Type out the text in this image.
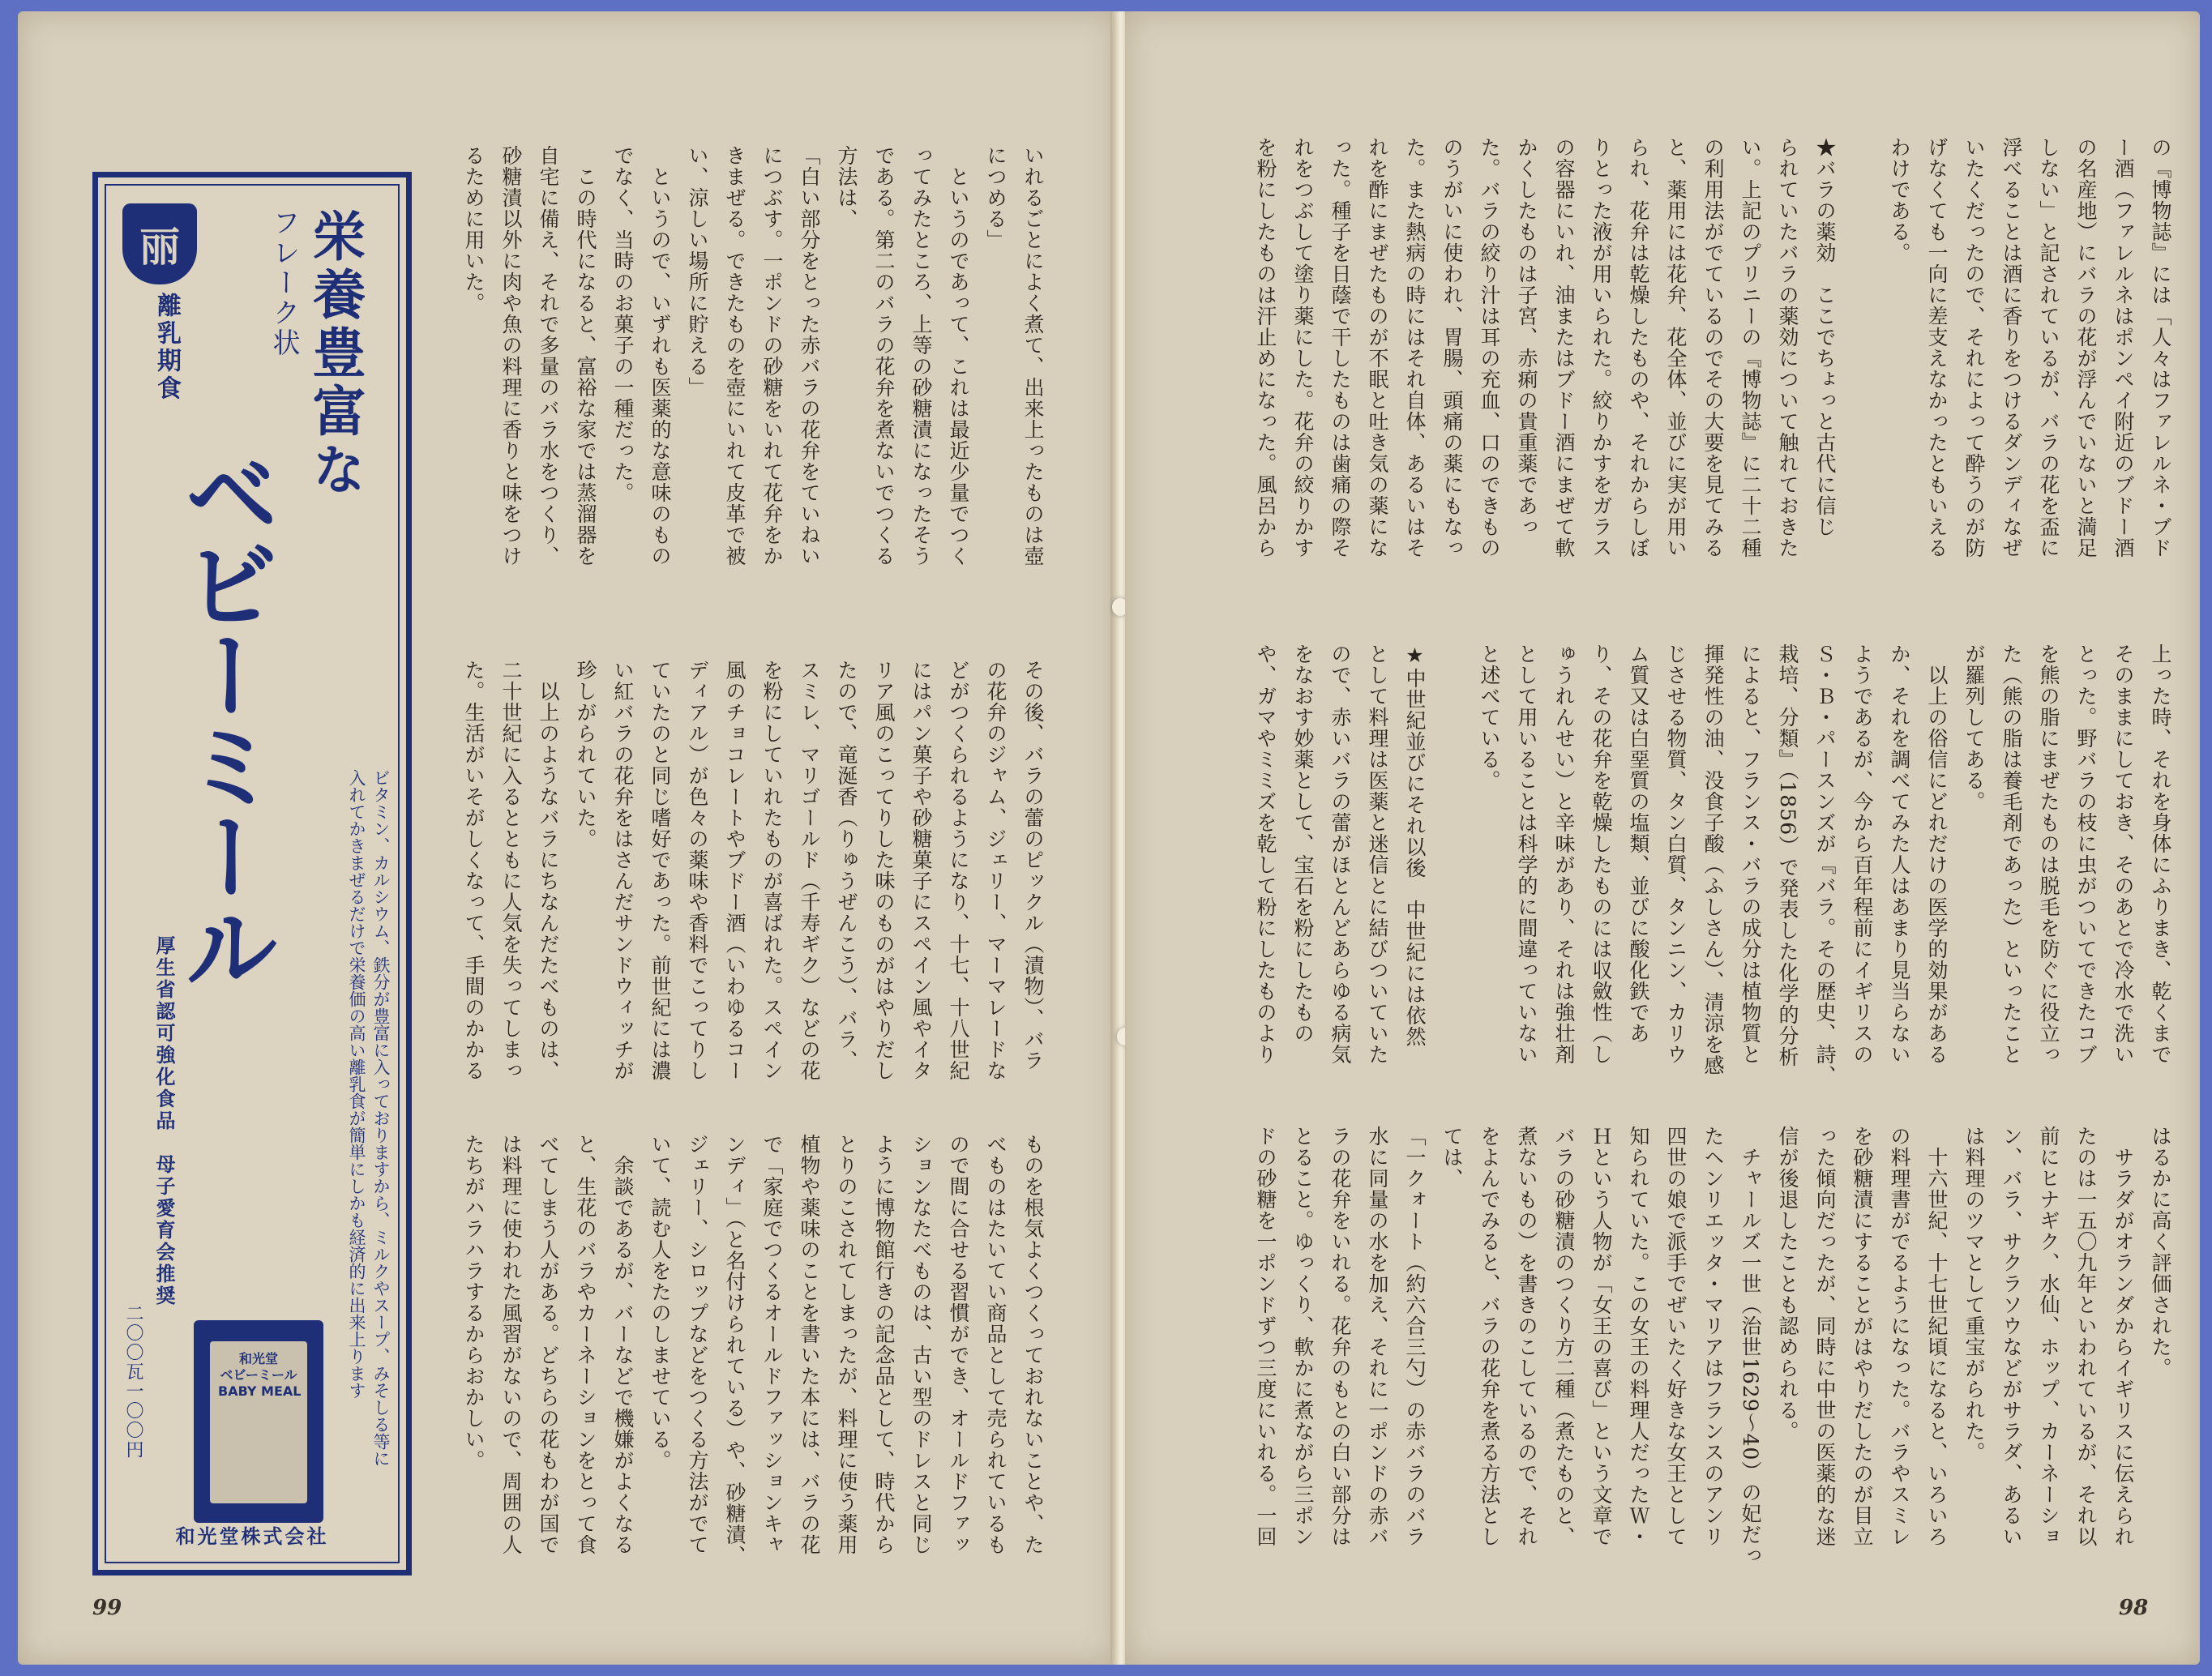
丽 栄養豊富な
フレーク状
離乳期食
ベビーミール
ビタミン、カルシウム、鉄分が豊富に入っておりますから、ミルクやスープ、みそしる等に
入れてかきまぜるだけで栄養価の高い離乳食が簡単にしかも経済的に出来上ります
厚生省認可強化食品　母子愛育会推奨
二〇〇瓦一〇〇円	和光堂
ベビーミール
BABY MEAL
和光堂株式会社
いれるごとによく煮て、出来上ったものは壺
につめる」
　というのであって、これは最近少量でつく
ってみたところ、上等の砂糖漬になったそう
である。第二のバラの花弁を煮ないでつくる
方法は、
「白い部分をとった赤バラの花弁をていねい
につぶす。一ポンドの砂糖をいれて花弁をか
きまぜる。できたものを壺にいれて皮革で被
い、涼しい場所に貯える」
　というので、いずれも医薬的な意味のもの
でなく、当時のお菓子の一種だった。
　この時代になると、富裕な家では蒸溜器を
自宅に備え、それで多量のバラ水をつくり、
砂糖漬以外に肉や魚の料理に香りと味をつけ
るために用いた。
その後、バラの蕾のピックル（漬物）、バラ
の花弁のジャム、ジェリー、マーマレードな
どがつくられるようになり、十七、十八世紀
にはパン菓子や砂糖菓子にスペイン風やイタ
リア風のこってりした味のものがはやりだし
たので、竜涎香（りゅうぜんこう）、バラ、
スミレ、マリゴールド（千寿ギク）などの花
を粉にしていれたものが喜ばれた。スペイン
風のチョコレートやブドー酒（いわゆるコー
ディアル）が色々の薬味や香料でこってりし
ていたのと同じ嗜好であった。前世紀には濃
い紅バラの花弁をはさんだサンドウィッチが
珍しがられていた。
　以上のようなバラにちなんだたべものは、
二十世紀に入るとともに人気を失ってしまっ
た。生活がいそがしくなって、手間のかかる
ものを根気よくつくっておれないことや、た
べものはたいてい商品として売られているも
ので間に合せる習慣ができ、オールドファッ
ションなたべものは、古い型のドレスと同じ
ように博物館行きの記念品として、時代から
とりのこされてしまったが、料理に使う薬用
植物や薬味のことを書いた本には、バラの花
で「家庭でつくるオールドファッションキャ
ンディ」（と名付けられている）や、砂糖漬、
ジェリー、シロップなどをつくる方法がでて
いて、読む人をたのしませている。
　余談であるが、バーなどで機嫌がよくなる
と、生花のバラやカーネーションをとって食
べてしまう人がある。どちらの花もわが国で
は料理に使われた風習がないので、周囲の人
たちがハラハラするからおかしい。
99
の『博物誌』には「人々はファレルネ・ブド
ー酒（ファレルネはポンペイ附近のブドー酒
の名産地）にバラの花が浮んでいないと満足
しない」と記されているが、バラの花を盃に
浮べることは酒に香りをつけるダンディなぜ
いたくだったので、それによって酔うのが防
げなくても一向に差支えなかったともいえる
わけである。

★バラの薬効　ここでちょっと古代に信じ
られていたバラの薬効について触れておきた
い。上記のプリニーの『博物誌』に二十二種
の利用法がでているのでその大要を見てみる
と、薬用には花弁、花全体、並びに実が用い
られ、花弁は乾燥したものや、それからしぼ
りとった液が用いられた。絞りかすをガラス
の容器にいれ、油またはブドー酒にまぜて軟
かくしたものは子宮、赤痢の貴重薬であっ
た。バラの絞り汁は耳の充血、口のできもの
のうがいに使われ、胃腸、頭痛の薬にもなっ
た。また熱病の時にはそれ自体、あるいはそ
れを酢にまぜたものが不眠と吐き気の薬にな
った。種子を日蔭で干したものは歯痛の際そ
れをつぶして塗り薬にした。花弁の絞りかす
を粉にしたものは汗止めになった。風呂から
上った時、それを身体にふりまき、乾くまで
そのままにしておき、そのあとで冷水で洗い
とった。野バラの枝に虫がついてできたコブ
を熊の脂にまぜたものは脱毛を防ぐに役立っ
た（熊の脂は養毛剤であった）といったこと
が羅列してある。
　以上の俗信にどれだけの医学的効果がある
か、それを調べてみた人はあまり見当らない
ようであるが、今から百年程前にイギリスの
Ｓ・Ｂ・パースンズが『バラ。その歴史、詩、
栽培、分類』（1856）で発表した化学的分析
によると、フランス・バラの成分は植物質と
揮発性の油、没食子酸（ふしさん）、清涼を感
じさせる物質、タン白質、タンニン、カリウ
ム質又は白堊質の塩類、並びに酸化鉄であ
り、その花弁を乾燥したものには収斂性（し
ゅうれんせい）と辛味があり、それは強壮剤
として用いることは科学的に間違っていない
と述べている。

★中世紀並びにそれ以後　中世紀には依然
として料理は医薬と迷信とに結びついていた
ので、赤いバラの蕾がほとんどあらゆる病気
をなおす妙薬として、宝石を粉にしたもの
や、ガマやミミズを乾して粉にしたものより
はるかに高く評価された。
　サラダがオランダからイギリスに伝えられ
たのは一五〇九年といわれているが、それ以
前にヒナギク、水仙、ホップ、カーネーショ
ン、バラ、サクラソウなどがサラダ、あるい
は料理のツマとして重宝がられた。
　十六世紀、十七世紀頃になると、いろいろ
の料理書がでるようになった。バラやスミレ
を砂糖漬にすることがはやりだしたのが目立
った傾向だったが、同時に中世の医薬的な迷
信が後退したことも認められる。
　チャールズ一世（治世1629〜40）の妃だっ
たヘンリエッタ・マリアはフランスのアンリ
四世の娘で派手でぜいたく好きな女王として
知られていた。この女王の料理人だったＷ・
Ｈという人物が「女王の喜び」という文章で
バラの砂糖漬のつくり方二種（煮たものと、
煮ないもの）を書きのこしているので、それ
をよんでみると、バラの花弁を煮る方法とし
ては、
「一クォート（約六合三勺）の赤バラのバラ
水に同量の水を加え、それに一ポンドの赤バ
ラの花弁をいれる。花弁のもとの白い部分は
とること。ゆっくり、軟かに煮ながら三ポン
ドの砂糖を一ポンドずつ三度にいれる。一回
98
